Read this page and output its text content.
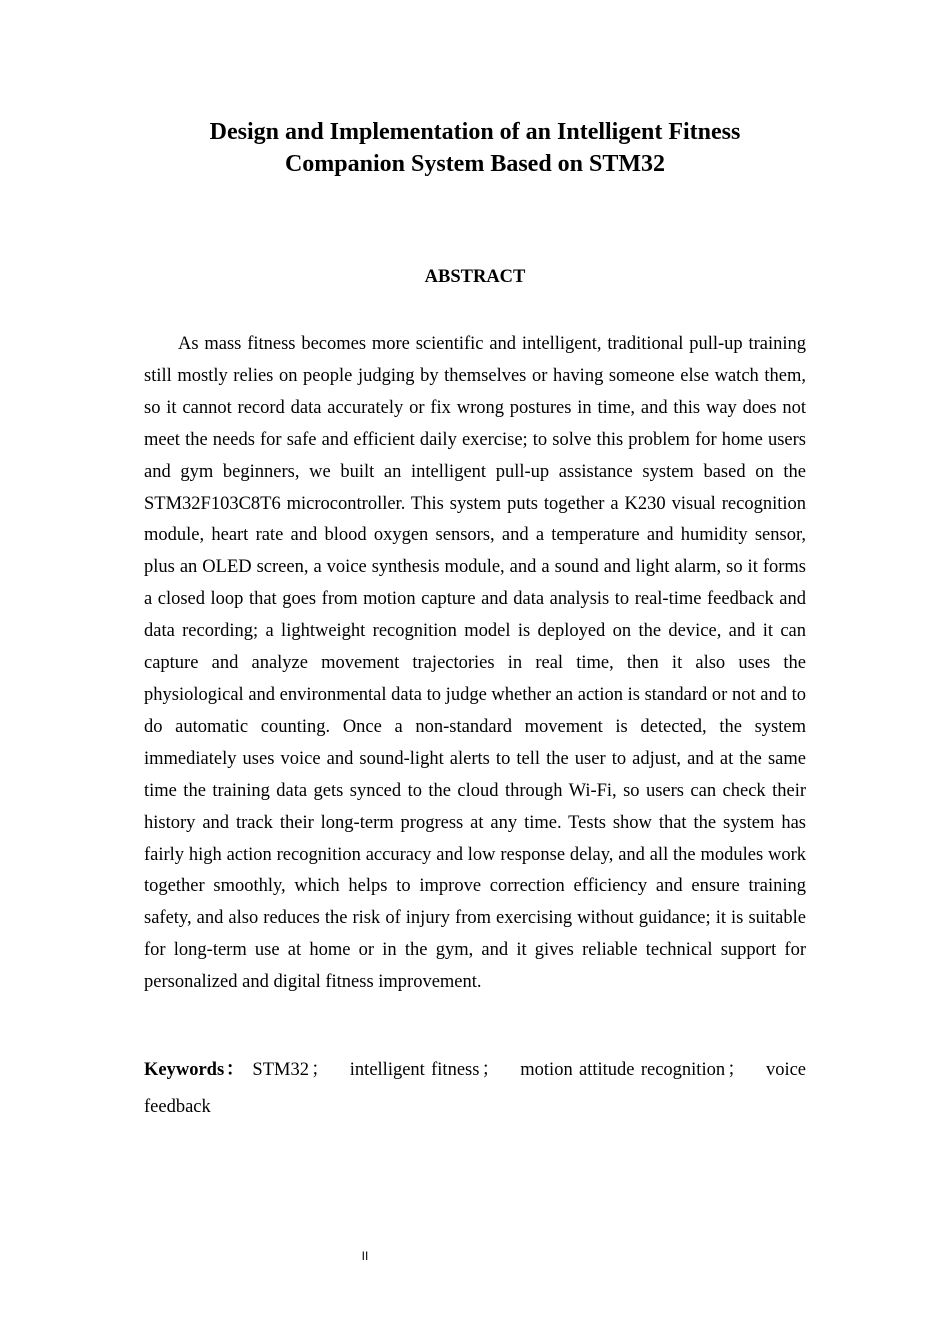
Design and Implementation of an Intelligent Fitness
Companion System Based on STM32
ABSTRACT

As mass fitness becomes more scientific and intelligent, traditional pull-up training still mostly relies on people judging by themselves or having someone else watch them, so it cannot record data accurately or fix wrong postures in time, and this way does not meet the needs for safe and efficient daily exercise; to solve this problem for home users and gym beginners, we built an intelligent pull-up assistance system based on the STM32F103C8T6 microcontroller. This system puts together a K230 visual recognition module, heart rate and blood oxygen sensors, and a temperature and humidity sensor, plus an OLED screen, a voice synthesis module, and a sound and light alarm, so it forms a closed loop that goes from motion capture and data analysis to real-time feedback and data recording; a lightweight recognition model is deployed on the device, and it can capture and analyze movement trajectories in real time, then it also uses the physiological and environmental data to judge whether an action is standard or not and to do automatic counting. Once a non-standard movement is detected, the system immediately uses voice and sound-light alerts to tell the user to adjust, and at the same time the training data gets synced to the cloud through Wi-Fi, so users can check their history and track their long-term progress at any time. Tests show that the system has fairly high action recognition accuracy and low response delay, and all the modules work together smoothly, which helps to improve correction efficiency and ensure training safety, and also reduces the risk of injury from exercising without guidance; it is suitable for long-term use at home or in the gym, and it gives reliable technical support for personalized and digital fitness improvement.

Keywords： STM32 ； intelligent fitness ； motion attitude recognition ； voice feedback

II
